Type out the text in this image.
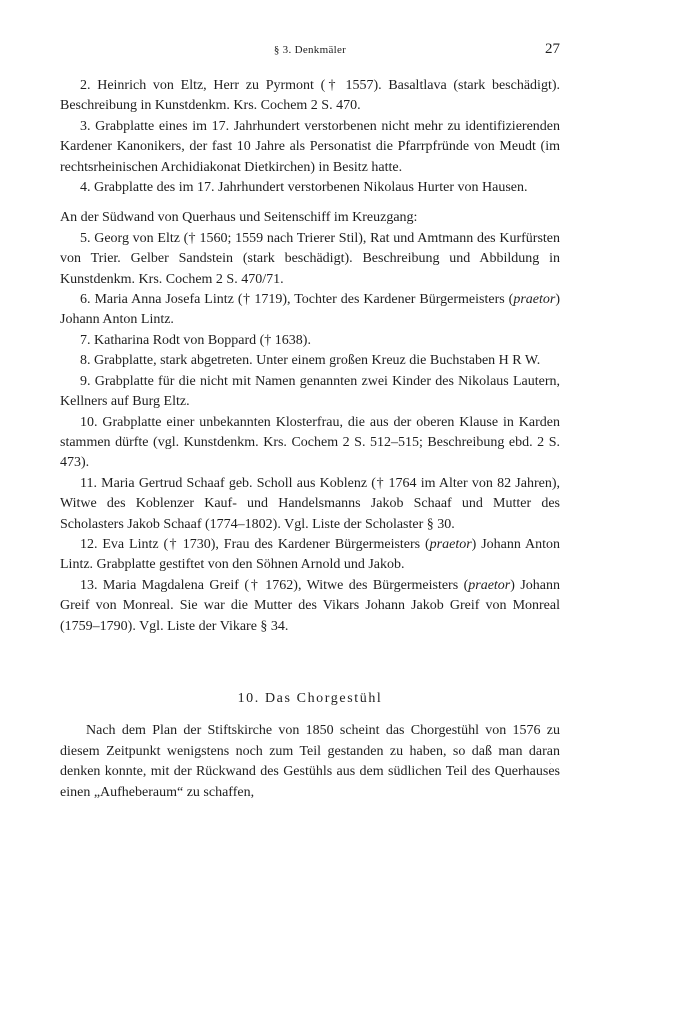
§ 3. Denkmäler	27

2. Heinrich von Eltz, Herr zu Pyrmont († 1557). Basaltlava (stark beschädigt). Beschreibung in Kunstdenkm. Krs. Cochem 2 S. 470.

3. Grabplatte eines im 17. Jahrhundert verstorbenen nicht mehr zu identifizierenden Kardener Kanonikers, der fast 10 Jahre als Personatist die Pfarrpfründe von Meudt (im rechtsrheinischen Archidiakonat Dietkirchen) in Besitz hatte.

4. Grabplatte des im 17. Jahrhundert verstorbenen Nikolaus Hurter von Hausen.

An der Südwand von Querhaus und Seitenschiff im Kreuzgang:

5. Georg von Eltz († 1560; 1559 nach Trierer Stil), Rat und Amtmann des Kurfürsten von Trier. Gelber Sandstein (stark beschädigt). Beschreibung und Abbildung in Kunstdenkm. Krs. Cochem 2 S. 470/71.

6. Maria Anna Josefa Lintz († 1719), Tochter des Kardener Bürgermeisters (praetor) Johann Anton Lintz.

7. Katharina Rodt von Boppard († 1638).

8. Grabplatte, stark abgetreten. Unter einem großen Kreuz die Buchstaben H R W.

9. Grabplatte für die nicht mit Namen genannten zwei Kinder des Nikolaus Lautern, Kellners auf Burg Eltz.

10. Grabplatte einer unbekannten Klosterfrau, die aus der oberen Klause in Karden stammen dürfte (vgl. Kunstdenkm. Krs. Cochem 2 S. 512–515; Beschreibung ebd. 2 S. 473).

11. Maria Gertrud Schaaf geb. Scholl aus Koblenz († 1764 im Alter von 82 Jahren), Witwe des Koblenzer Kauf- und Handelsmanns Jakob Schaaf und Mutter des Scholasters Jakob Schaaf (1774–1802). Vgl. Liste der Scholaster § 30.

12. Eva Lintz († 1730), Frau des Kardener Bürgermeisters (praetor) Johann Anton Lintz. Grabplatte gestiftet von den Söhnen Arnold und Jakob.

13. Maria Magdalena Greif († 1762), Witwe des Bürgermeisters (praetor) Johann Greif von Monreal. Sie war die Mutter des Vikars Johann Jakob Greif von Monreal (1759–1790). Vgl. Liste der Vikare § 34.

10. Das Chorgestühl

Nach dem Plan der Stiftskirche von 1850 scheint das Chorgestühl von 1576 zu diesem Zeitpunkt wenigstens noch zum Teil gestanden zu haben, so daß man daran denken konnte, mit der Rückwand des Gestühls aus dem südlichen Teil des Querhauses einen „Aufheberaum“ zu schaffen,
